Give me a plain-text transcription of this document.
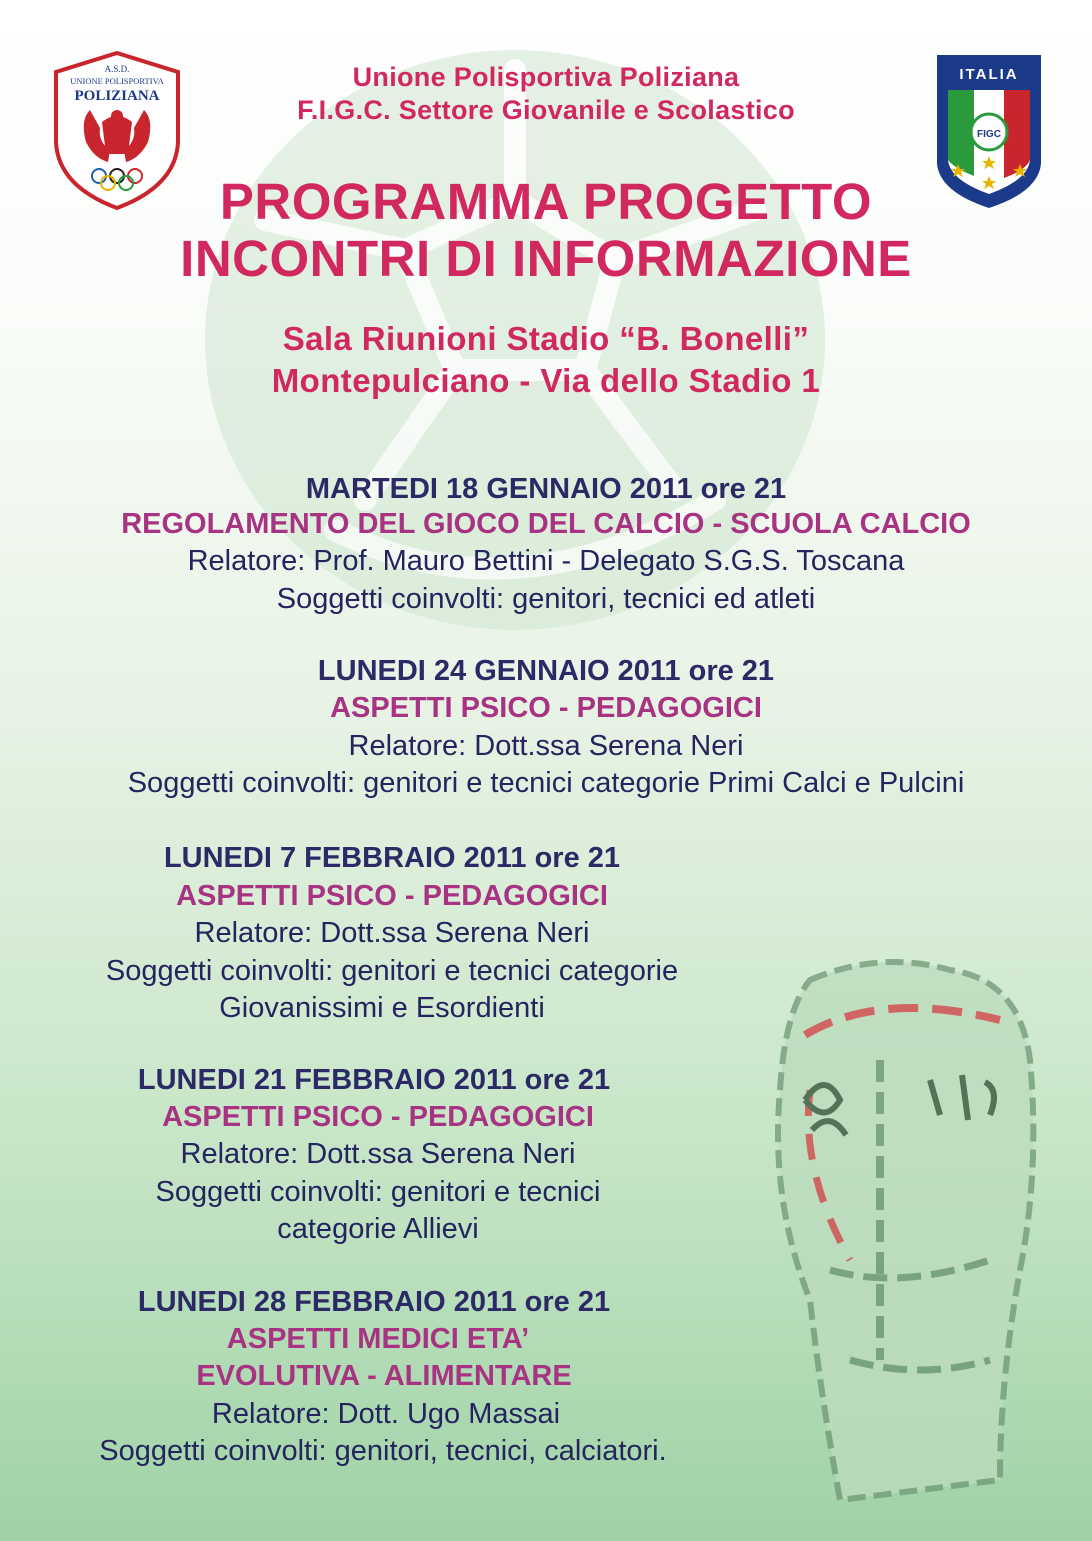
A.S.D.
UNIONE POLISPORTIVA
POLIZIANA
ITALIA
FIGC
Unione Polisportiva Poliziana
F.I.G.C. Settore Giovanile e Scolastico
PROGRAMMA PROGETTO
INCONTRI DI INFORMAZIONE
Sala Riunioni Stadio “B. Bonelli”
Montepulciano - Via dello Stadio 1
MARTEDI 18 GENNAIO 2011 ore 21
REGOLAMENTO DEL GIOCO DEL CALCIO - SCUOLA CALCIO
Relatore: Prof. Mauro Bettini - Delegato S.G.S. Toscana
Soggetti coinvolti: genitori, tecnici ed atleti
LUNEDI 24 GENNAIO 2011 ore 21
ASPETTI PSICO - PEDAGOGICI
Relatore: Dott.ssa Serena Neri
Soggetti coinvolti: genitori e tecnici categorie Primi Calci e Pulcini
LUNEDI 7 FEBBRAIO 2011 ore 21
ASPETTI PSICO - PEDAGOGICI
Relatore: Dott.ssa Serena Neri
Soggetti coinvolti: genitori e tecnici categorie
Giovanissimi e Esordienti
LUNEDI 21 FEBBRAIO 2011 ore 21
ASPETTI PSICO - PEDAGOGICI
Relatore: Dott.ssa Serena Neri
Soggetti coinvolti: genitori e tecnici
categorie Allievi
LUNEDI 28 FEBBRAIO 2011 ore 21
ASPETTI MEDICI ETA’
EVOLUTIVA - ALIMENTARE
Relatore: Dott. Ugo Massai
Soggetti coinvolti: genitori, tecnici, calciatori.
